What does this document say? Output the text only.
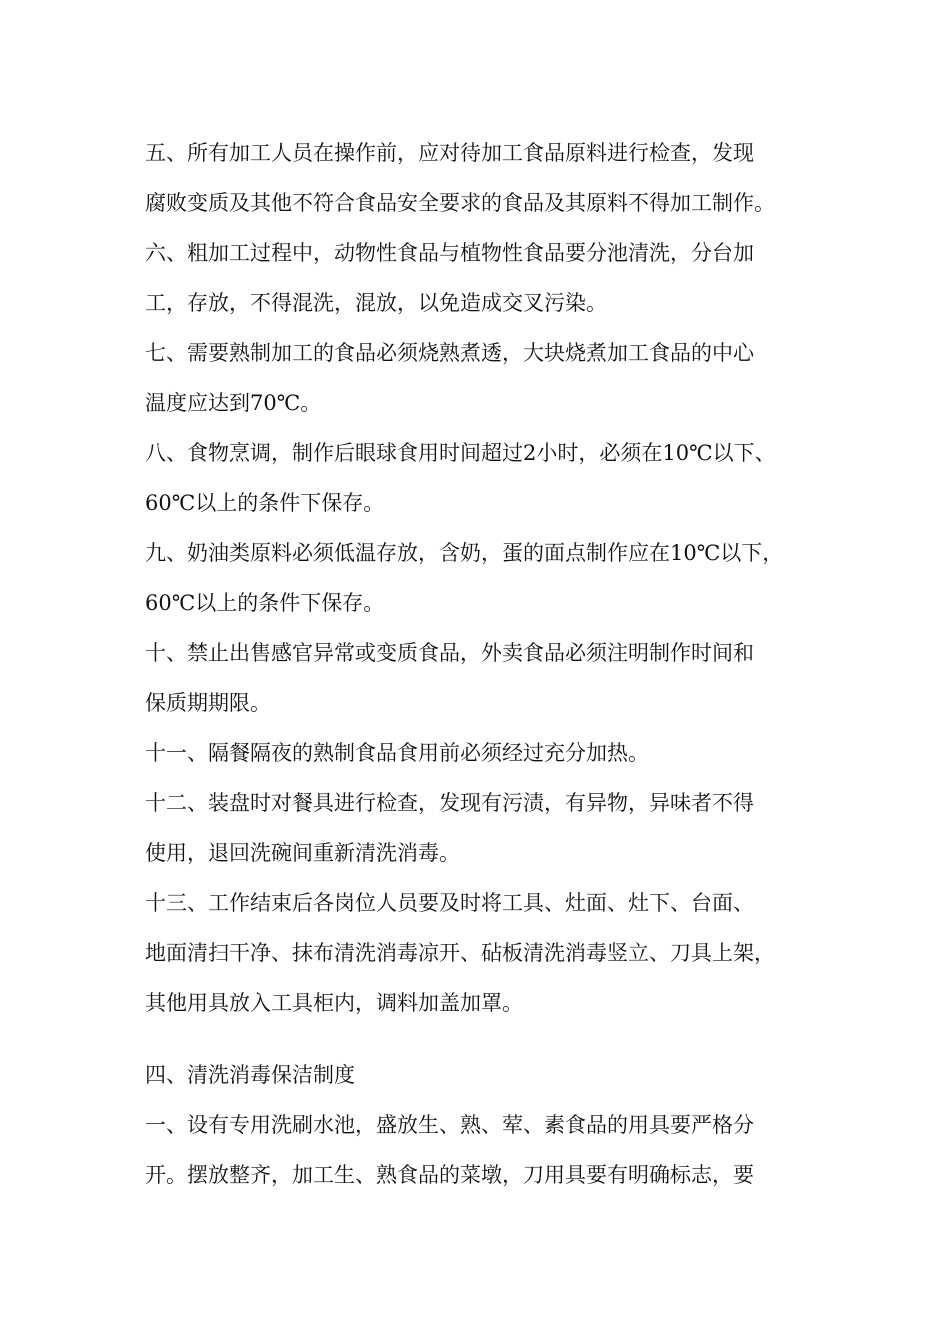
五、所有加工人员在操作前，应对待加工食品原料进行检查，发现
腐败变质及其他不符合食品安全要求的食品及其原料不得加工制作。
六、粗加工过程中，动物性食品与植物性食品要分池清洗，分台加
工，存放，不得混洗，混放，以免造成交叉污染。
七、需要熟制加工的食品必须烧熟煮透，大块烧煮加工食品的中心
温度应达到70℃。
八、食物烹调，制作后眼球食用时间超过2小时，必须在10℃以下、
60℃以上的条件下保存。
九、奶油类原料必须低温存放，含奶，蛋的面点制作应在10℃以下，
60℃以上的条件下保存。
十、禁止出售感官异常或变质食品，外卖食品必须注明制作时间和
保质期期限。
十一、隔餐隔夜的熟制食品食用前必须经过充分加热。
十二、装盘时对餐具进行检查，发现有污渍，有异物，异味者不得
使用，退回洗碗间重新清洗消毒。
十三、工作结束后各岗位人员要及时将工具、灶面、灶下、台面、
地面清扫干净、抹布清洗消毒凉开、砧板清洗消毒竖立、刀具上架，
其他用具放入工具柜内，调料加盖加罩。
四、清洗消毒保洁制度
一、设有专用洗刷水池，盛放生、熟、荤、素食品的用具要严格分
开。摆放整齐，加工生、熟食品的菜墩，刀用具要有明确标志，要
